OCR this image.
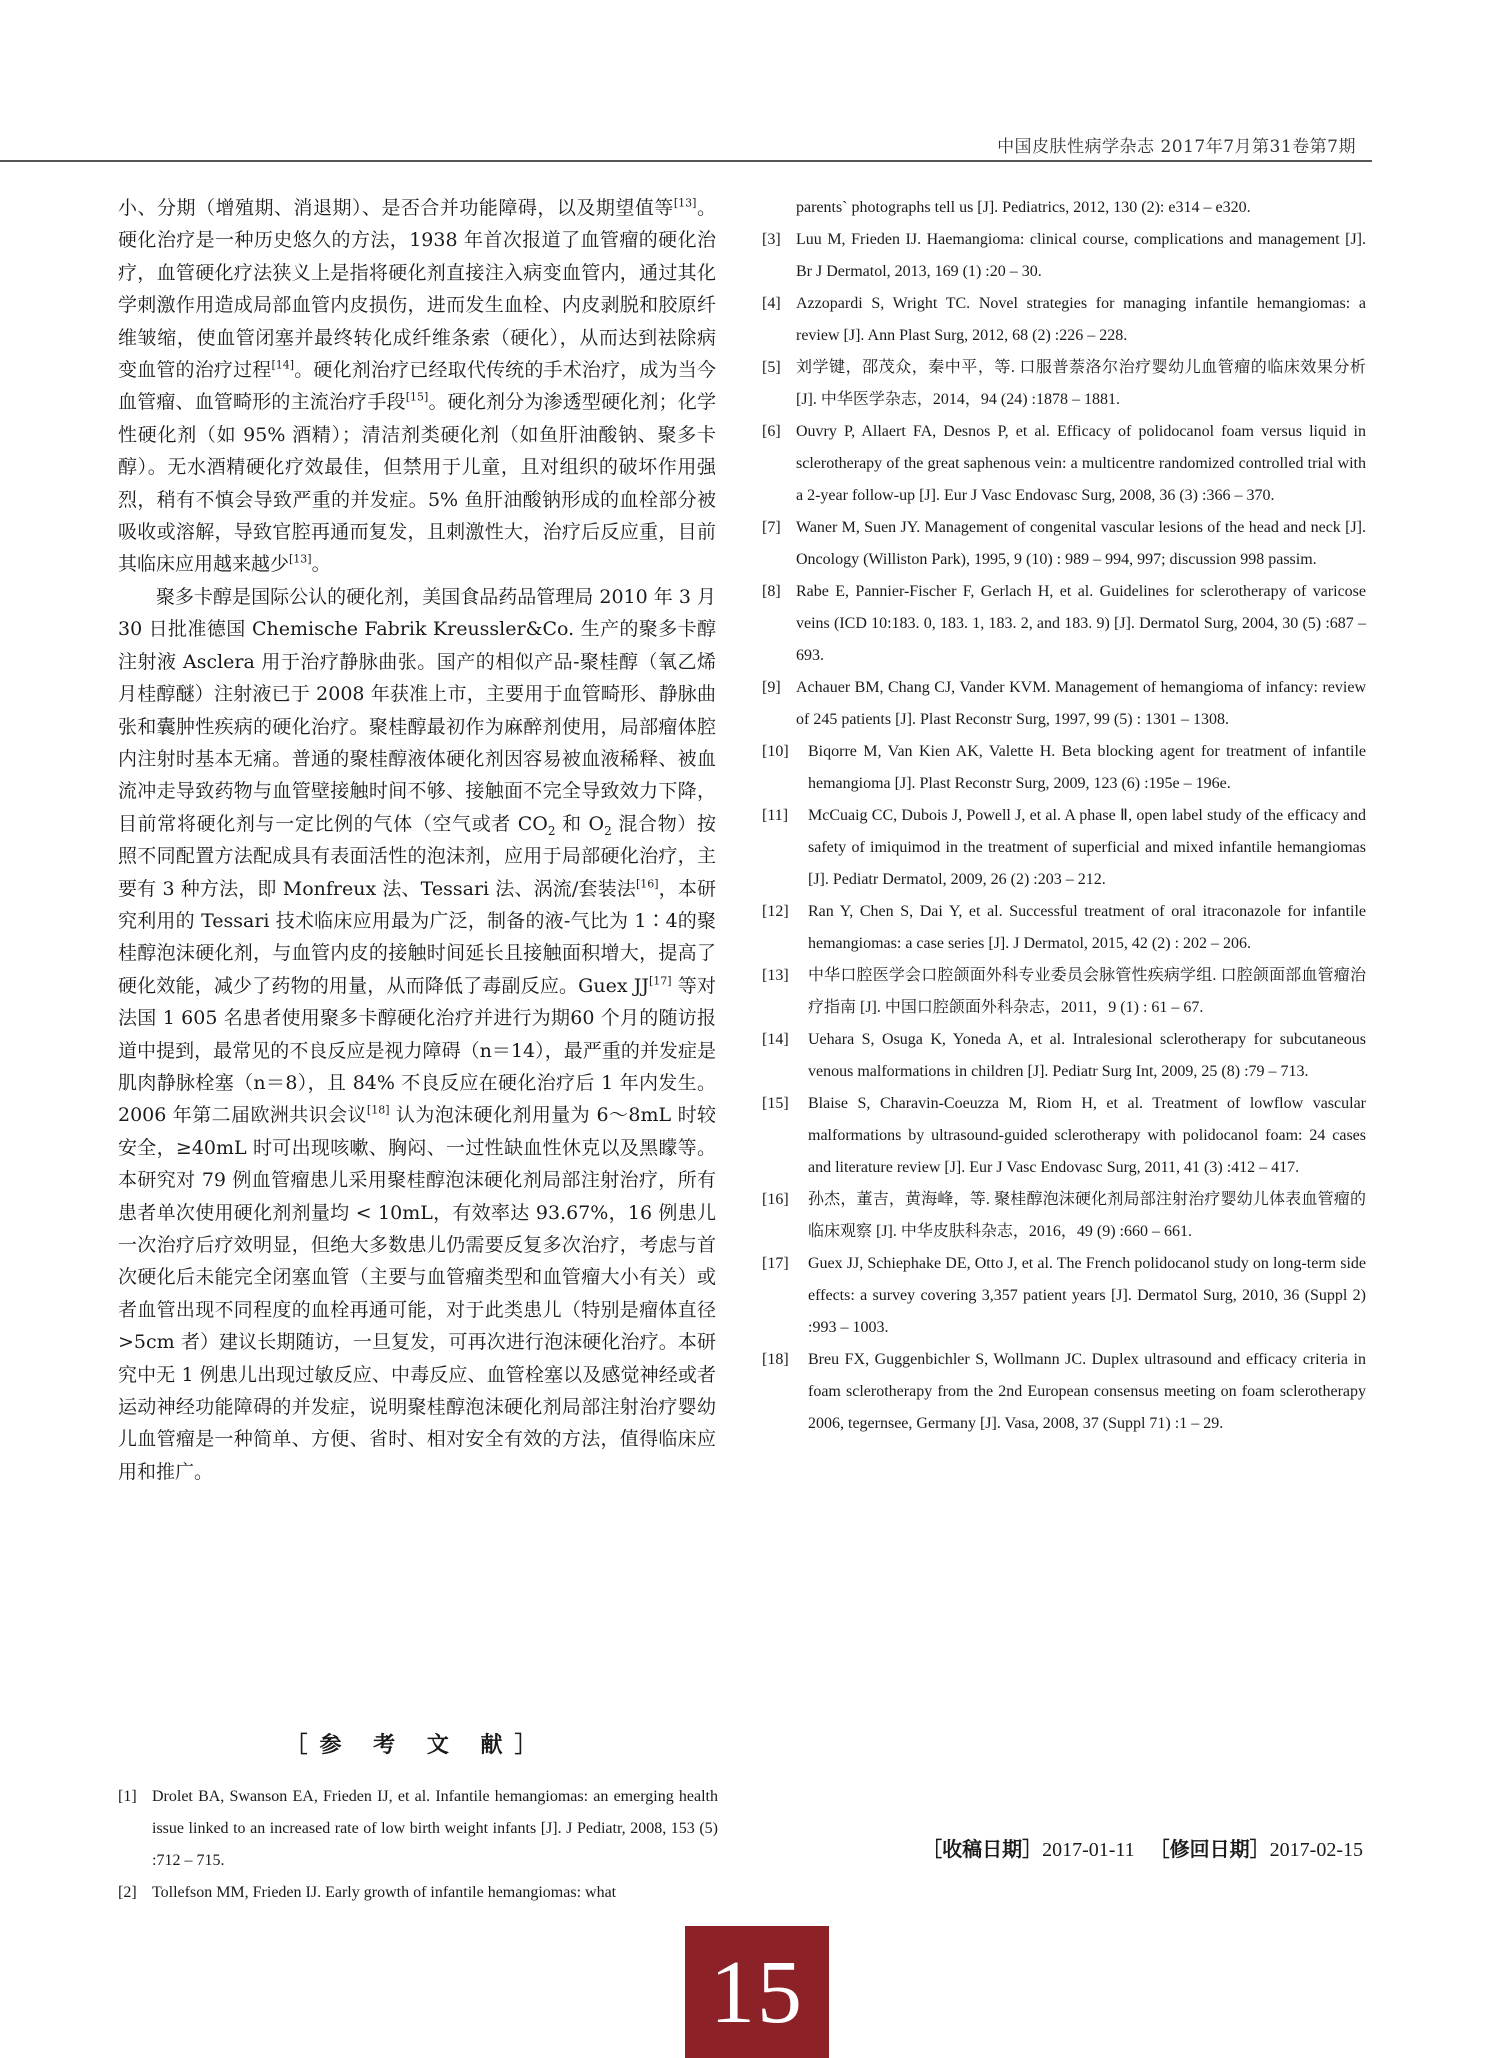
中国皮肤性病学杂志 2017年7月第31卷第7期

小、分期（增殖期、消退期）、是否合并功能障碍，以及期望值等[13]。硬化治疗是一种历史悠久的方法，1938 年首次报道了血管瘤的硬化治疗，血管硬化疗法狭义上是指将硬化剂直接注入病变血管内，通过其化学刺激作用造成局部血管内皮损伤，进而发生血栓、内皮剥脱和胶原纤维皱缩，使血管闭塞并最终转化成纤维条索（硬化），从而达到祛除病变血管的治疗过程[14]。硬化剂治疗已经取代传统的手术治疗，成为当今血管瘤、血管畸形的主流治疗手段[15]。硬化剂分为渗透型硬化剂；化学性硬化剂（如 95% 酒精）；清洁剂类硬化剂（如鱼肝油酸钠、聚多卡醇）。无水酒精硬化疗效最佳，但禁用于儿童，且对组织的破坏作用强烈，稍有不慎会导致严重的并发症。5% 鱼肝油酸钠形成的血栓部分被吸收或溶解，导致官腔再通而复发，且刺激性大，治疗后反应重，目前其临床应用越来越少[13]。

聚多卡醇是国际公认的硬化剂，美国食品药品管理局 2010 年 3 月 30 日批准德国 Chemische Fabrik Kreussler&Co. 生产的聚多卡醇注射液 Asclera 用于治疗静脉曲张。国产的相似产品-聚桂醇（氧乙烯月桂醇醚）注射液已于 2008 年获准上市，主要用于血管畸形、静脉曲张和囊肿性疾病的硬化治疗。聚桂醇最初作为麻醉剂使用，局部瘤体腔内注射时基本无痛。普通的聚桂醇液体硬化剂因容易被血液稀释、被血流冲走导致药物与血管壁接触时间不够、接触面不完全导致效力下降，目前常将硬化剂与一定比例的气体（空气或者 $CO_2$ 和 $O_2$ 混合物）按照不同配置方法配成具有表面活性的泡沫剂，应用于局部硬化治疗，主要有 3 种方法，即 Monfreux 法、Tessari 法、涡流/套装法[16]，本研究利用的 Tessari 技术临床应用最为广泛，制备的液-气比为 1∶4的聚桂醇泡沫硬化剂，与血管内皮的接触时间延长且接触面积增大，提高了硬化效能，减少了药物的用量，从而降低了毒副反应。Guex JJ[17] 等对法国 1 605 名患者使用聚多卡醇硬化治疗并进行为期60 个月的随访报道中提到，最常见的不良反应是视力障碍（n＝14），最严重的并发症是肌肉静脉栓塞（n＝8），且 84% 不良反应在硬化治疗后 1 年内发生。2006 年第二届欧洲共识会议[18] 认为泡沫硬化剂用量为 6～8mL 时较安全，≥40mL 时可出现咳嗽、胸闷、一过性缺血性休克以及黑矇等。本研究对 79 例血管瘤患儿采用聚桂醇泡沫硬化剂局部注射治疗，所有患者单次使用硬化剂剂量均 < 10mL，有效率达 93.67%，16 例患儿一次治疗后疗效明显，但绝大多数患儿仍需要反复多次治疗，考虑与首次硬化后未能完全闭塞血管（主要与血管瘤类型和血管瘤大小有关）或者血管出现不同程度的血栓再通可能，对于此类患儿（特别是瘤体直径 >5cm 者）建议长期随访，一旦复发，可再次进行泡沫硬化治疗。本研究中无 1 例患儿出现过敏反应、中毒反应、血管栓塞以及感觉神经或者运动神经功能障碍的并发症，说明聚桂醇泡沫硬化剂局部注射治疗婴幼儿血管瘤是一种简单、方便、省时、相对安全有效的方法，值得临床应用和推广。

［参 考 文 献］
[1] Drolet BA, Swanson EA, Frieden IJ, et al. Infantile hemangiomas: an emerging health issue linked to an increased rate of low birth weight infants [J]. J Pediatr, 2008, 153 (5) :712 – 715.
[2] Tollefson MM, Frieden IJ. Early growth of infantile hemangiomas: what
parents` photographs tell us [J]. Pediatrics, 2012, 130 (2): e314 – e320.
[3] Luu M, Frieden IJ. Haemangioma: clinical course, complications and management [J]. Br J Dermatol, 2013, 169 (1) :20 – 30.
[4] Azzopardi S, Wright TC. Novel strategies for managing infantile hemangiomas: a review [J]. Ann Plast Surg, 2012, 68 (2) :226 – 228.
[5] 刘学键，邵茂众，秦中平，等. 口服普萘洛尔治疗婴幼儿血管瘤的临床效果分析 [J]. 中华医学杂志，2014，94 (24) :1878 – 1881.
[6] Ouvry P, Allaert FA, Desnos P, et al. Efficacy of polidocanol foam versus liquid in sclerotherapy of the great saphenous vein: a multicentre randomized controlled trial with a 2-year follow-up [J]. Eur J Vasc Endovasc Surg, 2008, 36 (3) :366 – 370.
[7] Waner M, Suen JY. Management of congenital vascular lesions of the head and neck [J]. Oncology (Williston Park), 1995, 9 (10) : 989 – 994, 997; discussion 998 passim.
[8] Rabe E, Pannier-Fischer F, Gerlach H, et al. Guidelines for sclerotherapy of varicose veins (ICD 10:183. 0, 183. 1, 183. 2, and 183. 9) [J]. Dermatol Surg, 2004, 30 (5) :687 – 693.
[9] Achauer BM, Chang CJ, Vander KVM. Management of hemangioma of infancy: review of 245 patients [J]. Plast Reconstr Surg, 1997, 99 (5) : 1301 – 1308.
[10]	Biqorre M, Van Kien AK, Valette H. Beta blocking agent for treatment of infantile hemangioma [J]. Plast Reconstr Surg, 2009, 123 (6) :195e – 196e.
[11]	McCuaig CC, Dubois J, Powell J, et al. A phase Ⅱ, open label study of the efficacy and safety of imiquimod in the treatment of superficial and mixed infantile hemangiomas [J]. Pediatr Dermatol, 2009, 26 (2) :203 – 212.
[12]	Ran Y, Chen S, Dai Y, et al. Successful treatment of oral itraconazole for infantile hemangiomas: a case series [J]. J Dermatol, 2015, 42 (2) : 202 – 206.
[13]	中华口腔医学会口腔颌面外科专业委员会脉管性疾病学组. 口腔颌面部血管瘤治疗指南 [J]. 中国口腔颌面外科杂志，2011，9 (1) : 61 – 67.
[14]	Uehara S, Osuga K, Yoneda A, et al. Intralesional sclerotherapy for subcutaneous venous malformations in children [J]. Pediatr Surg Int, 2009, 25 (8) :79 – 713.
[15]	Blaise S, Charavin-Coeuzza M, Riom H, et al. Treatment of lowflow vascular malformations by ultrasound-guided sclerotherapy with polidocanol foam: 24 cases and literature review [J]. Eur J Vasc Endovasc Surg, 2011, 41 (3) :412 – 417.
[16]	孙杰，董吉，黄海峰，等. 聚桂醇泡沫硬化剂局部注射治疗婴幼儿体表血管瘤的临床观察 [J]. 中华皮肤科杂志，2016，49 (9) :660 – 661.
[17]	Guex JJ, Schiephake DE, Otto J, et al. The French polidocanol study on long-term side effects: a survey covering 3,357 patient years [J]. Dermatol Surg, 2010, 36 (Suppl 2) :993 – 1003.
[18]	Breu FX, Guggenbichler S, Wollmann JC. Duplex ultrasound and efficacy criteria in foam sclerotherapy from the 2nd European consensus meeting on foam sclerotherapy 2006, tegernsee, Germany [J]. Vasa, 2008, 37 (Suppl 71) :1 – 29.
［收稿日期］2017-01-11 ［修回日期］2017-02-15
15
